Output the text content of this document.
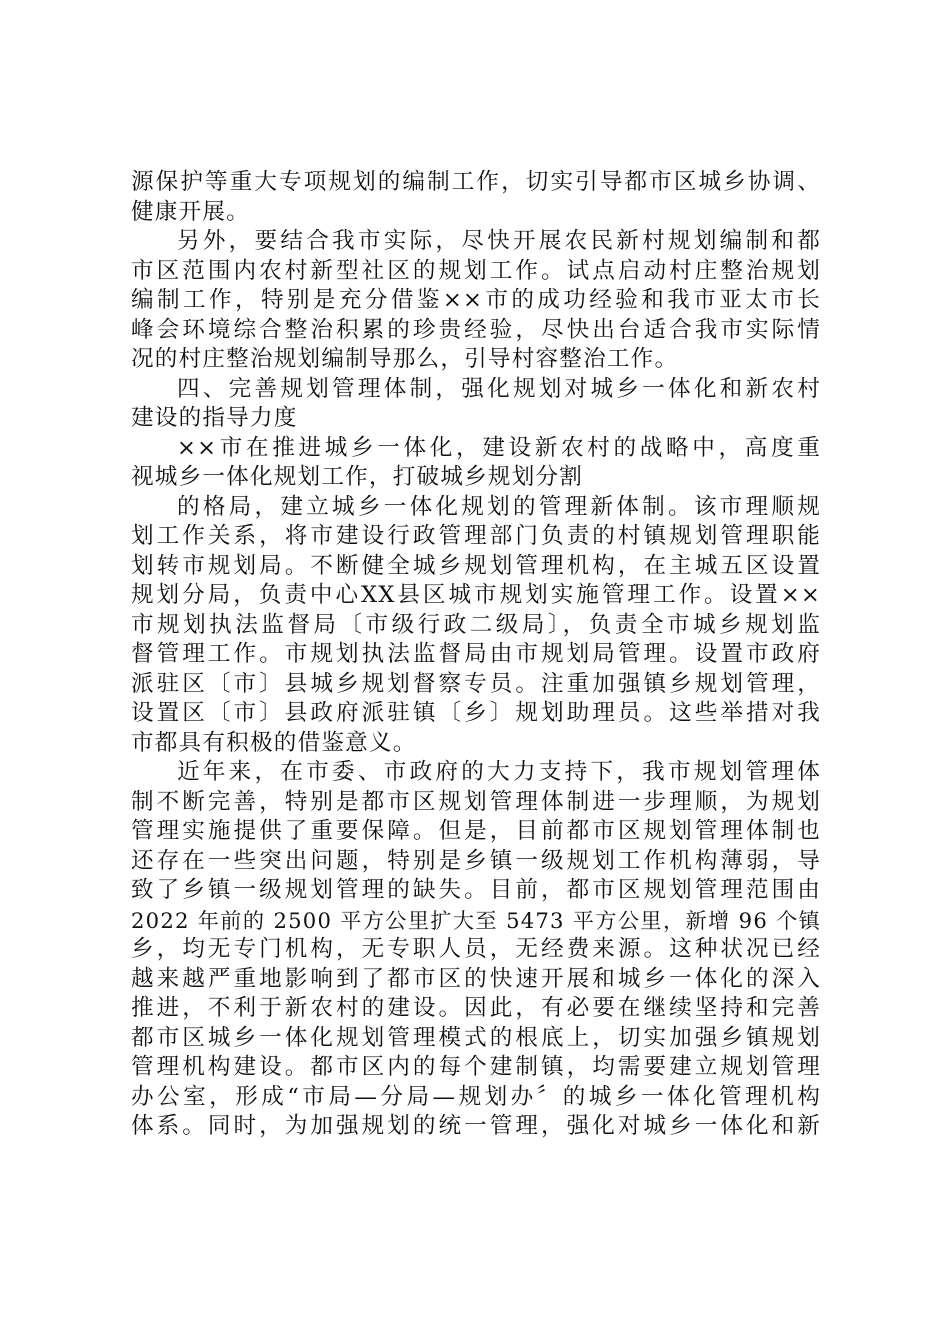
源保护等重大专项规划的编制工作，切实引导都市区城乡协调、
健康开展。
另外，要结合我市实际，尽快开展农民新村规划编制和都
市区范围内农村新型社区的规划工作。试点启动村庄整治规划
编制工作，特别是充分借鉴××市的成功经验和我市亚太市长
峰会环境综合整治积累的珍贵经验，尽快出台适合我市实际情
况的村庄整治规划编制导那么，引导村容整治工作。
四、完善规划管理体制，强化规划对城乡一体化和新农村
建设的指导力度
××市在推进城乡一体化，建设新农村的战略中，高度重
视城乡一体化规划工作，打破城乡规划分割
的格局，建立城乡一体化规划的管理新体制。该市理顺规
划工作关系，将市建设行政管理部门负责的村镇规划管理职能
划转市规划局。不断健全城乡规划管理机构，在主城五区设置
规划分局，负责中心XX县区城市规划实施管理工作。设置××
市规划执法监督局〔市级行政二级局〕，负责全市城乡规划监
督管理工作。市规划执法监督局由市规划局管理。设置市政府
派驻区〔市〕县城乡规划督察专员。注重加强镇乡规划管理，
设置区〔市〕县政府派驻镇〔乡〕规划助理员。这些举措对我
市都具有积极的借鉴意义。
近年来，在市委、市政府的大力支持下，我市规划管理体
制不断完善，特别是都市区规划管理体制进一步理顺，为规划
管理实施提供了重要保障。但是，目前都市区规划管理体制也
还存在一些突出问题，特别是乡镇一级规划工作机构薄弱，导
致了乡镇一级规划管理的缺失。目前，都市区规划管理范围由
2022 年前的 2500 平方公里扩大至 5473 平方公里，新增 96 个镇
乡，均无专门机构，无专职人员，无经费来源。这种状况已经
越来越严重地影响到了都市区的快速开展和城乡一体化的深入
推进，不利于新农村的建设。因此，有必要在继续坚持和完善
都市区城乡一体化规划管理模式的根底上，切实加强乡镇规划
管理机构建设。都市区内的每个建制镇，均需要建立规划管理
办公室，形成“市局—分局—规划办〞的城乡一体化管理机构
体系。同时，为加强规划的统一管理，强化对城乡一体化和新
